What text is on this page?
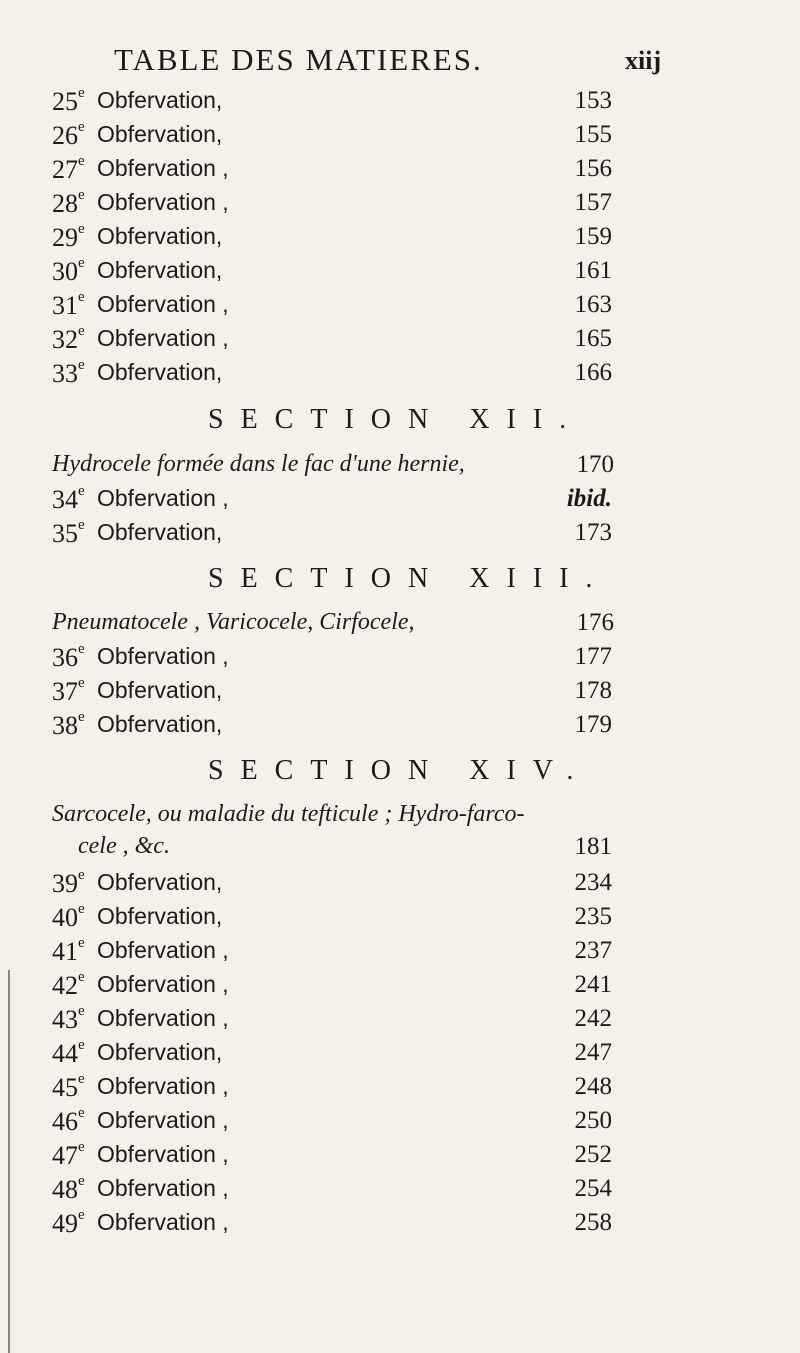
TABLE DES MATIERES.	xiij
25e Obfervation,	153
26e Obfervation,	155
27e Obfervation ,	156
28e Obfervation ,	157
29e Obfervation,	159
30e Obfervation,	161
31e Obfervation ,	163
32e Obfervation ,	165
33e Obfervation,	166
SECTION XII.
Hydrocele formée dans le fac d'une hernie,	170
34e Obfervation ,	ibid.
35e Obfervation,	173
SECTION XIII.
Pneumatocele , Varicocele, Cirfocele,	176
36e Obfervation ,	177
37e Obfervation,	178
38e Obfervation,	179
SECTION XIV.
Sarcocele, ou maladie du tefticule ; Hydro-farco-
cele , &c.	181
39e Obfervation,	234
40e Obfervation,	235
41e Obfervation ,	237
42e Obfervation ,	241
43e Obfervation ,	242
44e Obfervation,	247
45e Obfervation ,	248
46e Obfervation ,	250
47e Obfervation ,	252
48e Obfervation ,	254
49e Obfervation ,	258
